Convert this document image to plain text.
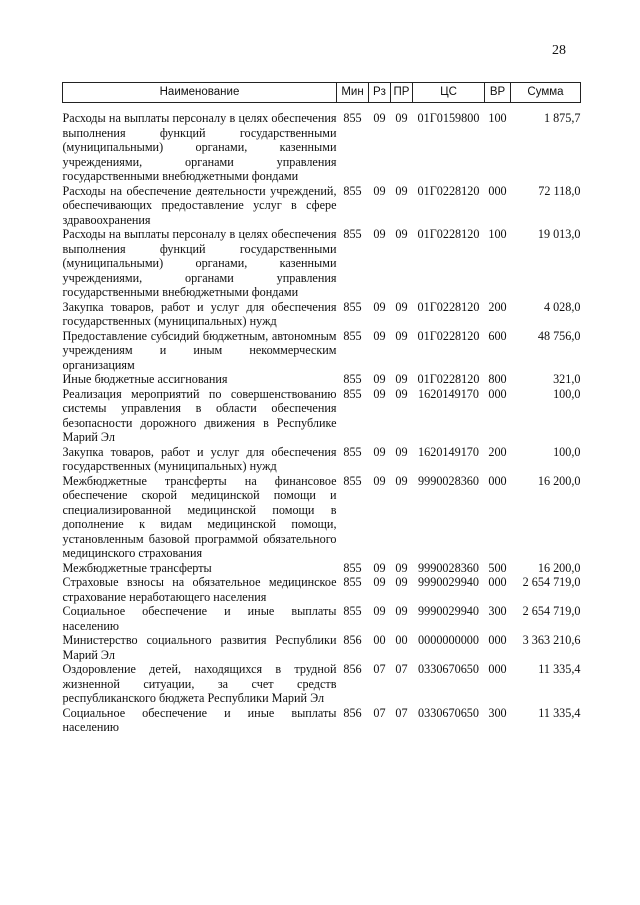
28
Наименование	Мин	Рз	ПР	ЦС	ВР	Сумма

Расходы на выплаты персоналу в целях обеспечения выполнения функций государственными (муниципальными) органами, казенными учреждениями, органами управления государственными внебюджетными фондами	855	09	09	01Г0159800	100	1 875,7
Расходы на обеспечение деятельности учреждений, обеспечивающих предоставление услуг в сфере здравоохранения	855	09	09	01Г0228120	000	72 118,0
Расходы на выплаты персоналу в целях обеспечения выполнения функций государственными (муниципальными) органами, казенными учреждениями, органами управления государственными внебюджетными фондами	855	09	09	01Г0228120	100	19 013,0
Закупка товаров, работ и услуг для обеспечения государственных (муниципальных) нужд	855	09	09	01Г0228120	200	4 028,0
Предоставление субсидий бюджетным, автономным учреждениям и иным некоммерческим организациям	855	09	09	01Г0228120	600	48 756,0
Иные бюджетные ассигнования	855	09	09	01Г0228120	800	321,0
Реализация мероприятий по совершенствованию системы управления в области обеспечения безопасности дорожного движения в Республике Марий Эл	855	09	09	1620149170	000	100,0
Закупка товаров, работ и услуг для обеспечения государственных (муниципальных) нужд	855	09	09	1620149170	200	100,0
Межбюджетные трансферты на финансовое обеспечение скорой медицинской помощи и специализированной медицинской помощи в дополнение к видам медицинской помощи, установленным базовой программой обязательного медицинского страхования	855	09	09	9990028360	000	16 200,0
Межбюджетные трансферты	855	09	09	9990028360	500	16 200,0
Страховые взносы на обязательное медицинское страхование неработающего населения	855	09	09	9990029940	000	2 654 719,0
Социальное обеспечение и иные выплаты населению	855	09	09	9990029940	300	2 654 719,0
Министерство социального развития Республики Марий Эл	856	00	00	0000000000	000	3 363 210,6
Оздоровление детей, находящихся в трудной жизненной ситуации, за счет средств республиканского бюджета Республики Марий Эл	856	07	07	0330670650	000	11 335,4
Социальное обеспечение и иные выплаты населению	856	07	07	0330670650	300	11 335,4
